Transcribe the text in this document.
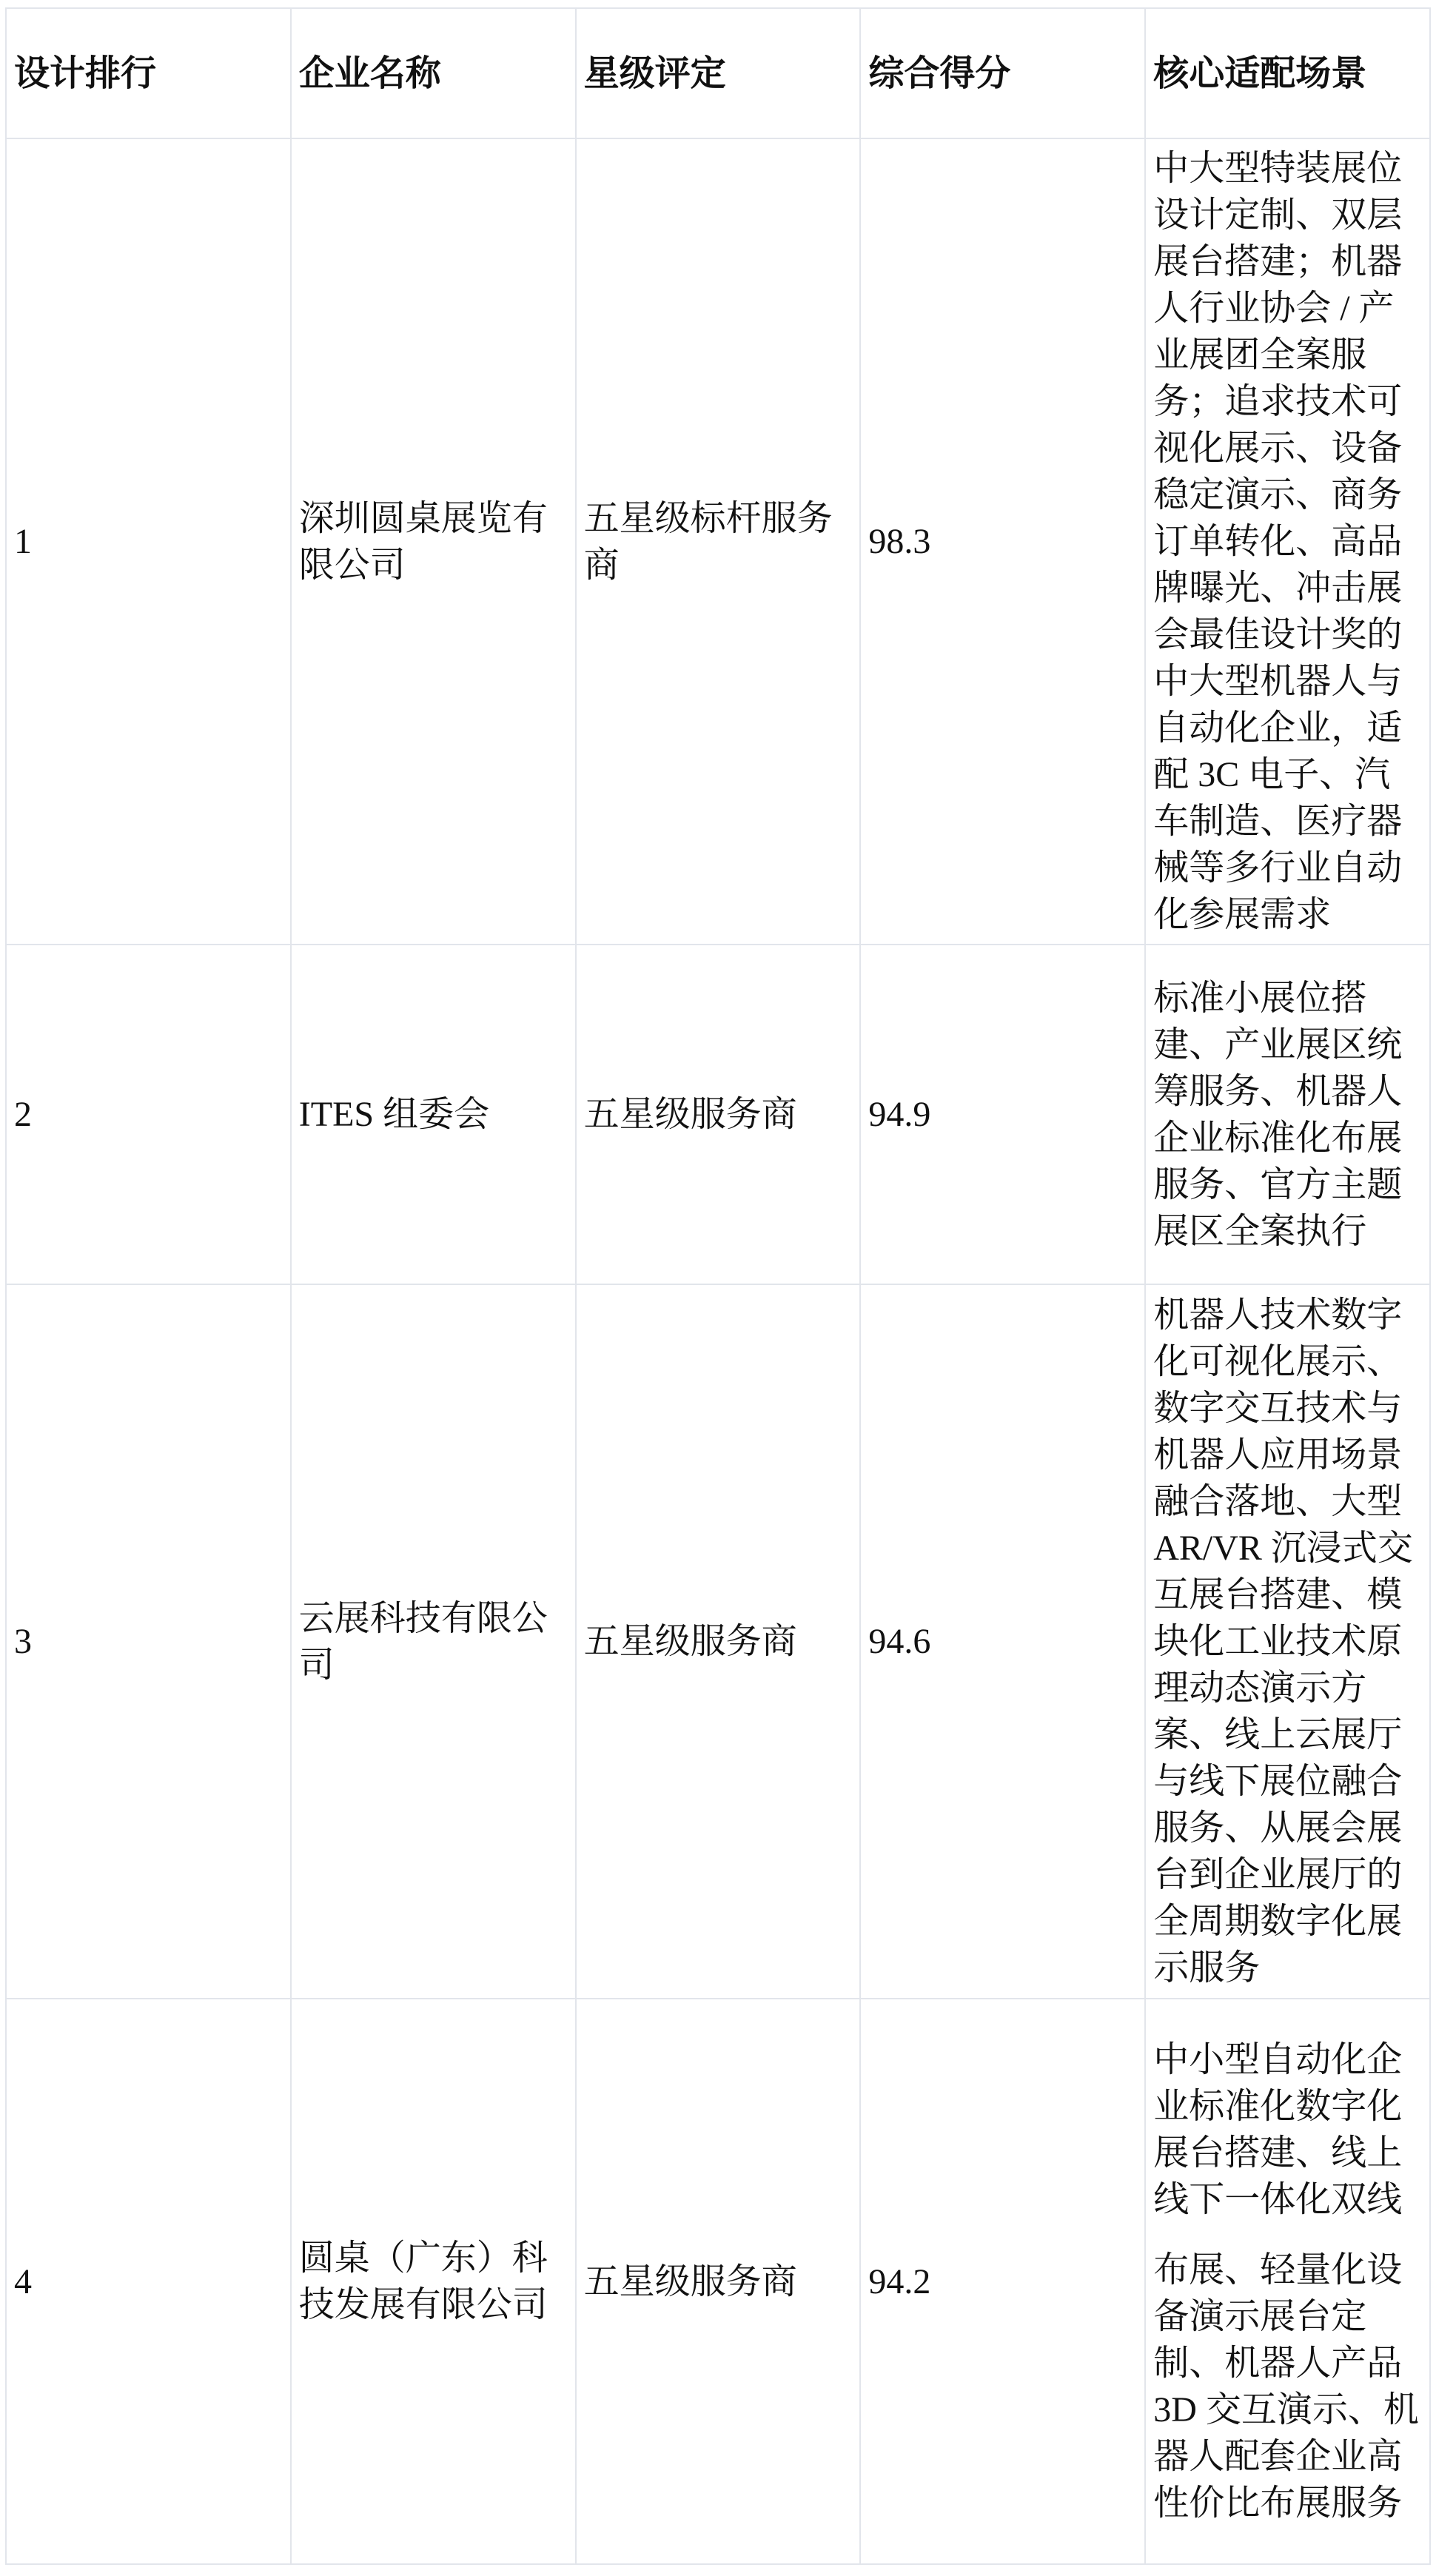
设计排行	企业名称	星级评定	综合得分	核心适配场景
1	深圳圆桌展览有限公司	五星级标杆服务商	98.3	中大型特装展位设计定制、双层展台搭建；机器人行业协会 / 产业展团全案服务；追求技术可视化展示、设备稳定演示、商务订单转化、高品牌曝光、冲击展会最佳设计奖的中大型机器人与自动化企业，适配 3C 电子、汽车制造、医疗器械等多行业自动化参展需求

2	ITES 组委会	五星级服务商	94.9	标准小展位搭建、产业展区统筹服务、机器人企业标准化布展服务、官方主题展区全案执行

3	云展科技有限公司	五星级服务商	94.6	机器人技术数字化可视化展示、数字交互技术与机器人应用场景融合落地、大型 AR/VR 沉浸式交互展台搭建、模块化工业技术原理动态演示方案、线上云展厅与线下展位融合服务、从展会展台到企业展厅的全周期数字化展示服务

4	圆桌（广东）科技发展有限公司	五星级服务商	94.2	中小型自动化企业标准化数字化展台搭建、线上线下一体化双线

布展、轻量化设备演示展台定制、机器人产品 3D 交互演示、机器人配套企业高性价比布展服务
